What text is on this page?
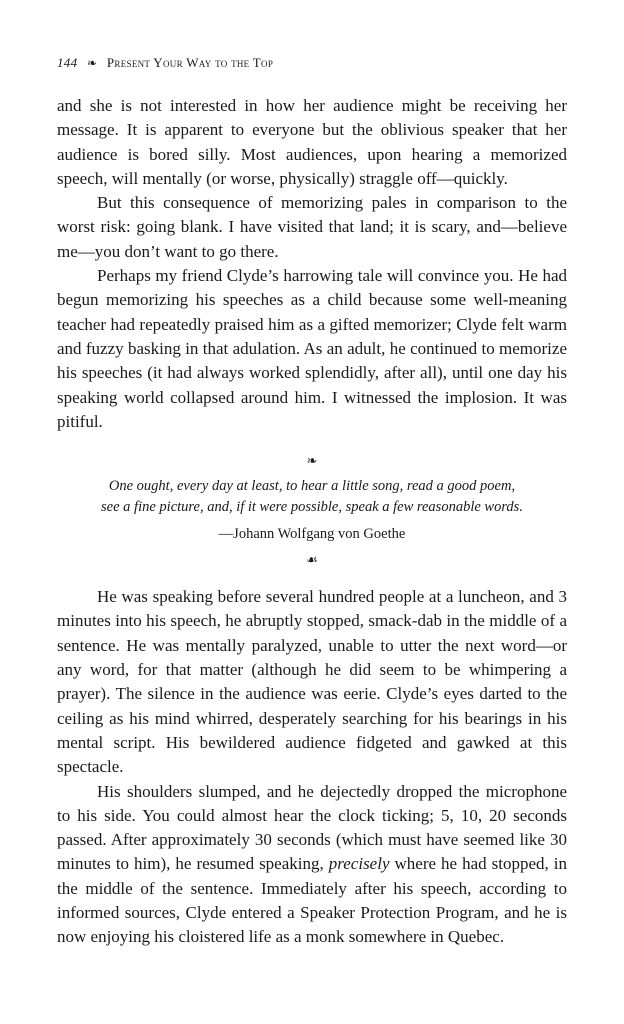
144 ❧ Present Your Way to the Top

and she is not interested in how her audience might be receiving her message. It is apparent to everyone but the oblivious speaker that her audience is bored silly. Most audiences, upon hearing a memorized speech, will mentally (or worse, physically) straggle off—quickly.

But this consequence of memorizing pales in comparison to the worst risk: going blank. I have visited that land; it is scary, and—believe me—you don’t want to go there.

Perhaps my friend Clyde’s harrowing tale will convince you. He had begun memorizing his speeches as a child because some well-meaning teacher had repeatedly praised him as a gifted memorizer; Clyde felt warm and fuzzy basking in that adulation. As an adult, he continued to memorize his speeches (it had always worked splendidly, after all), until one day his speaking world collapsed around him. I witnessed the implosion. It was pitiful.

❧
One ought, every day at least, to hear a little song, read a good poem,
see a fine picture, and, if it were possible, speak a few reasonable words.
—Johann Wolfgang von Goethe
☙

He was speaking before several hundred people at a luncheon, and 3 minutes into his speech, he abruptly stopped, smack-dab in the middle of a sentence. He was mentally paralyzed, unable to utter the next word—or any word, for that matter (although he did seem to be whimpering a prayer). The silence in the audience was eerie. Clyde’s eyes darted to the ceiling as his mind whirred, desperately searching for his bearings in his mental script. His bewildered audience fidgeted and gawked at this spectacle.

His shoulders slumped, and he dejectedly dropped the microphone to his side. You could almost hear the clock ticking; 5, 10, 20 seconds passed. After approximately 30 seconds (which must have seemed like 30 minutes to him), he resumed speaking, precisely where he had stopped, in the middle of the sentence. Immediately after his speech, according to informed sources, Clyde entered a Speaker Protection Program, and he is now enjoying his cloistered life as a monk somewhere in Quebec.
